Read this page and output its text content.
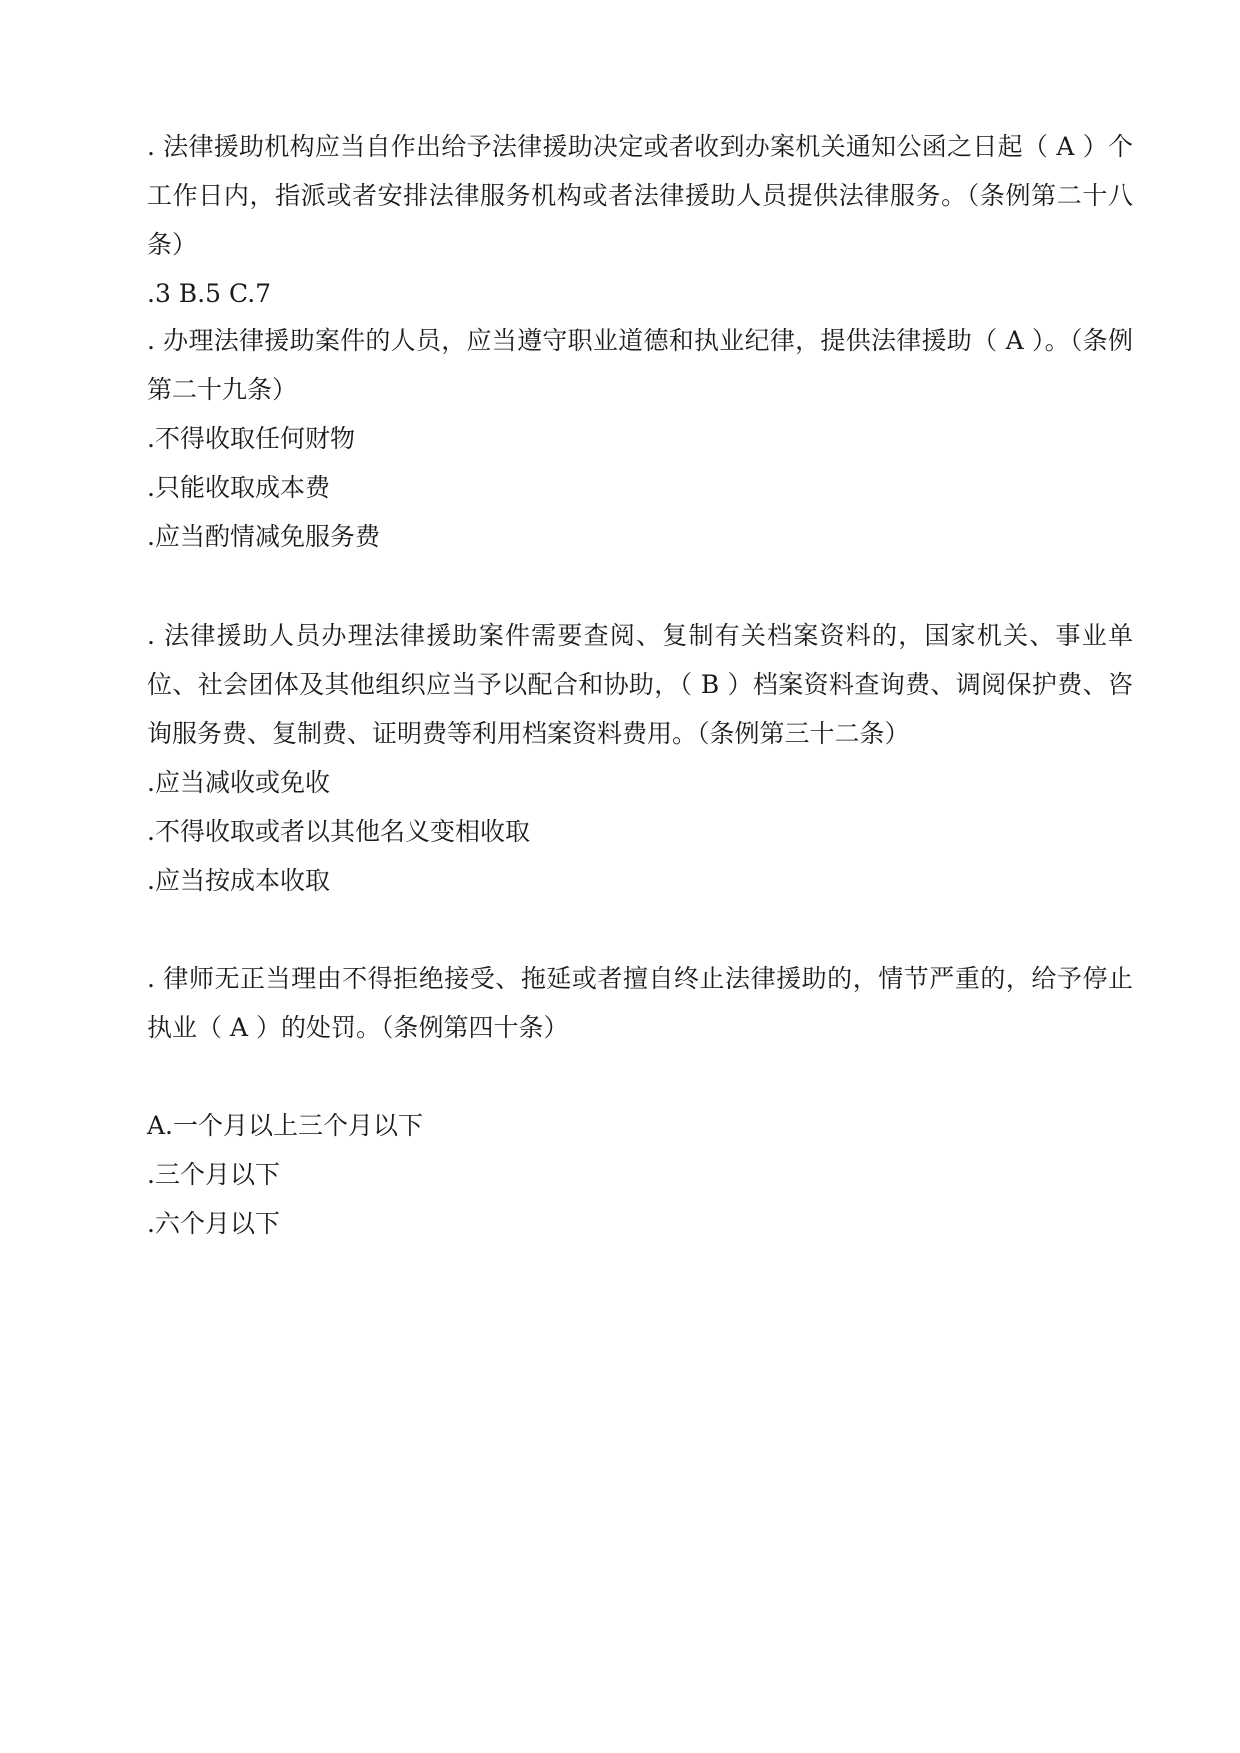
. 法律援助机构应当自作出给予法律援助决定或者收到办案机关通知公函之日起（ A ）个工作日内，指派或者安排法律服务机构或者法律援助人员提供法律服务。（条例第二十八条）

.3 B.5 C.7

. 办理法律援助案件的人员，应当遵守职业道德和执业纪律，提供法律援助（ A ）。（条例第二十九条）

.不得收取任何财物

.只能收取成本费

.应当酌情减免服务费

. 法律援助人员办理法律援助案件需要查阅、复制有关档案资料的，国家机关、事业单位、社会团体及其他组织应当予以配合和协助，（ B ）档案资料查询费、调阅保护费、咨询服务费、复制费、证明费等利用档案资料费用。（条例第三十二条）

.应当减收或免收

.不得收取或者以其他名义变相收取

.应当按成本收取

. 律师无正当理由不得拒绝接受、拖延或者擅自终止法律援助的，情节严重的，给予停止执业（ A ）的处罚。（条例第四十条）

A.一个月以上三个月以下

.三个月以下

.六个月以下
